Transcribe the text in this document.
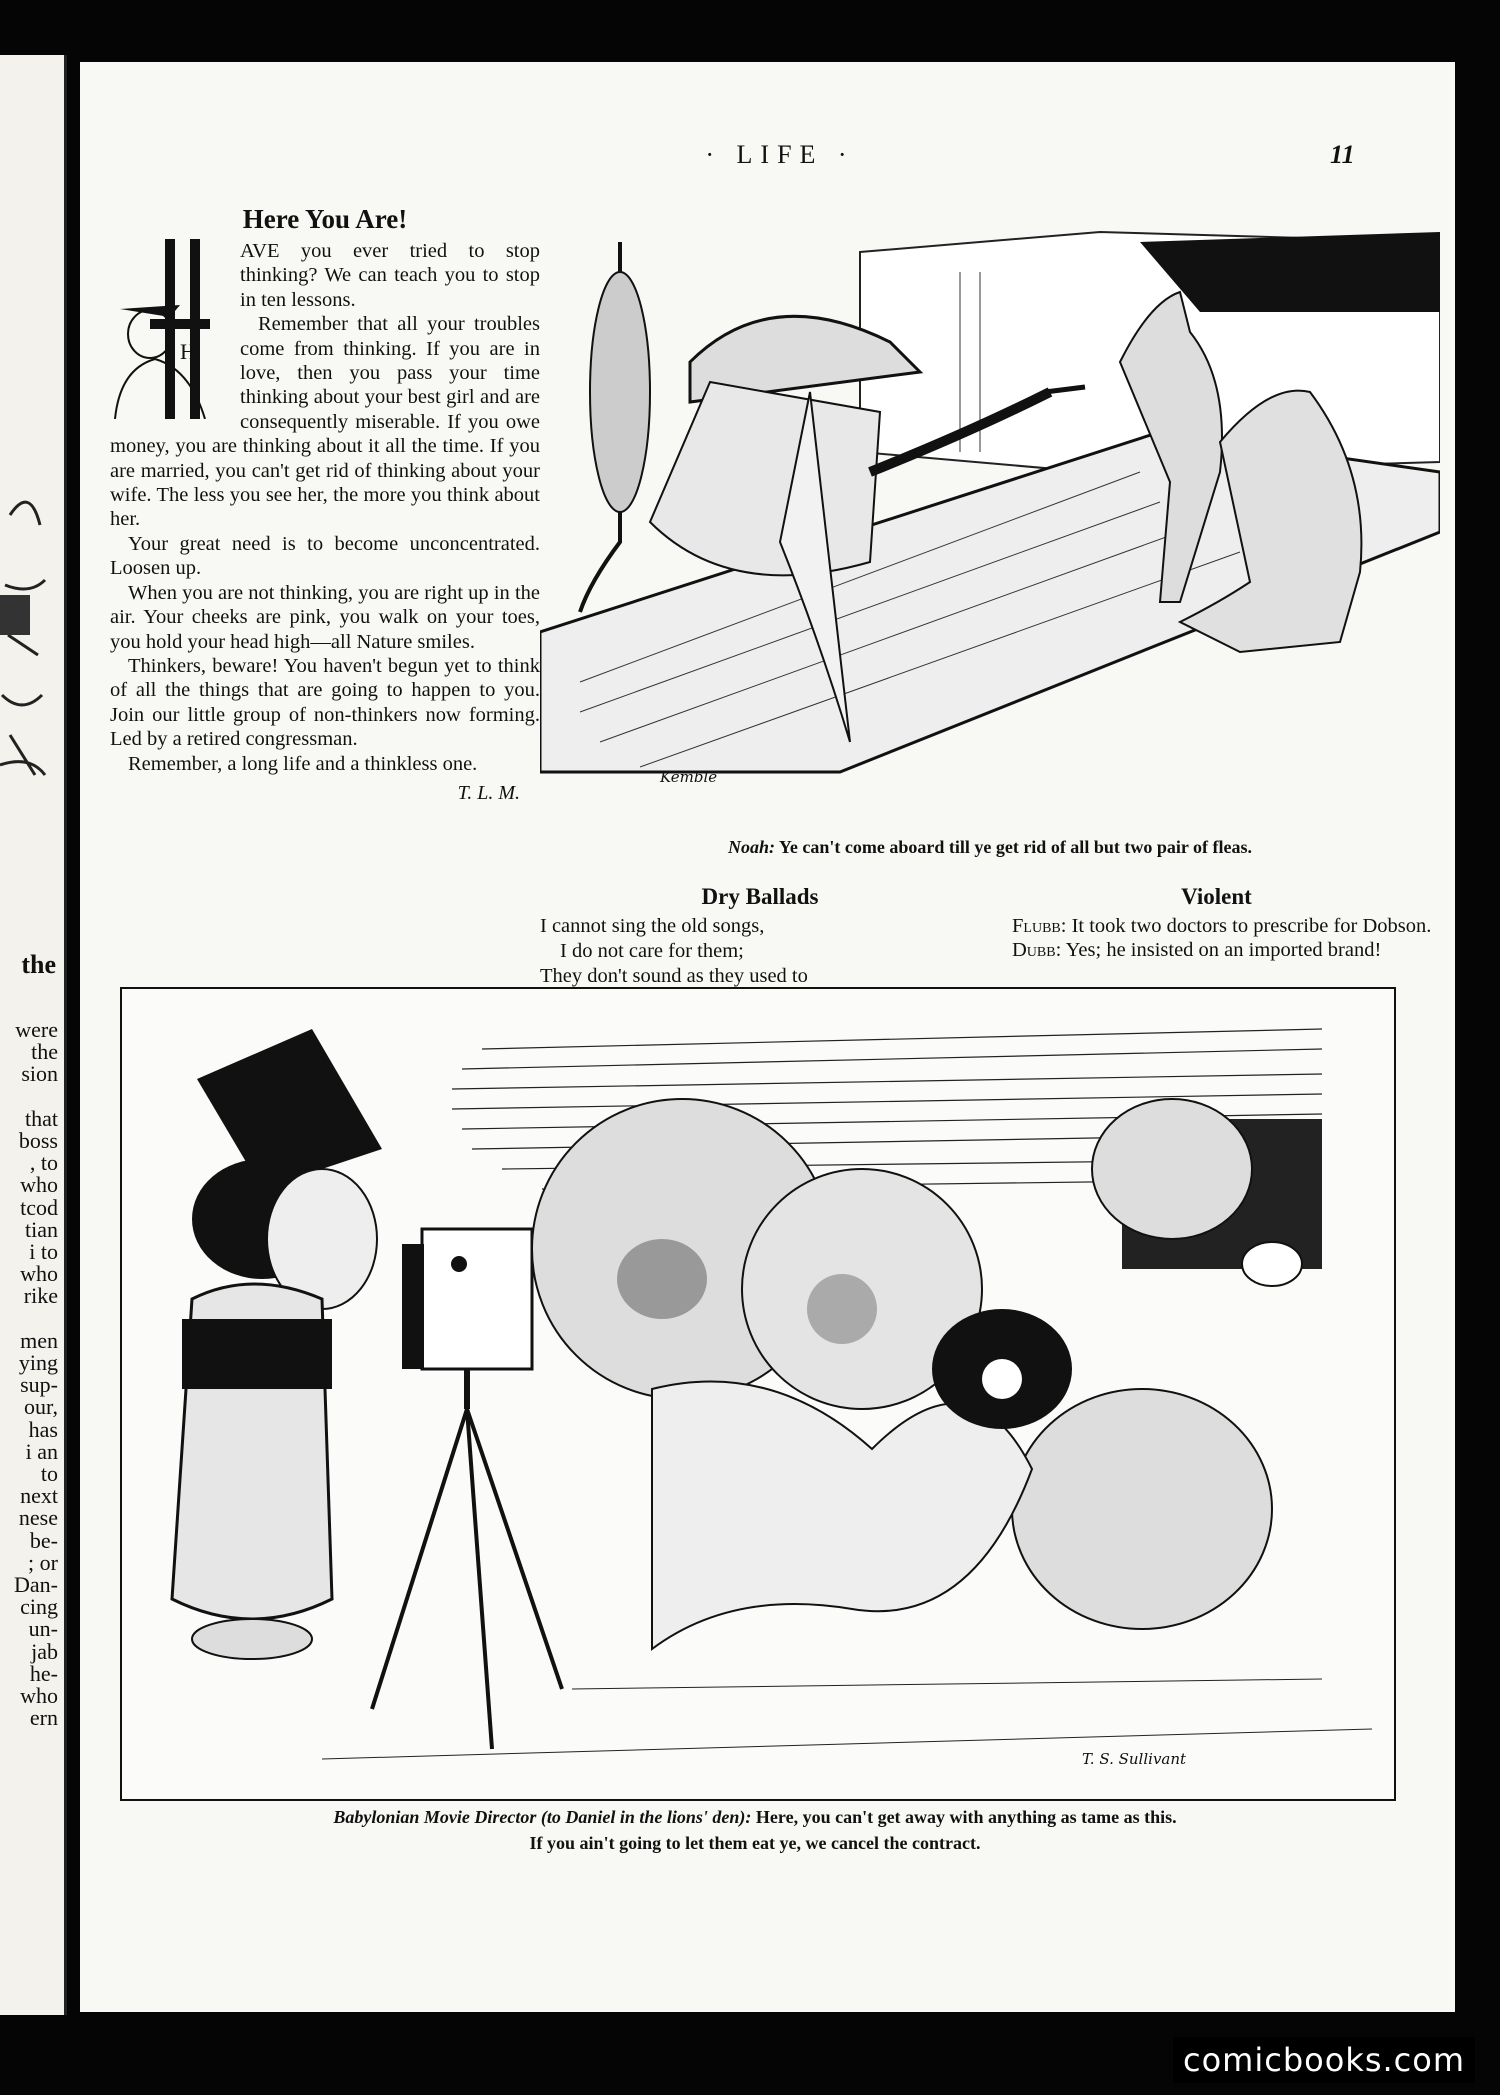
the
were
the
sion
that
boss
, to
who
tcod
tian
i to
who
rike
men
ying
sup-
our,
has
i an
to
next
nese
be-
; or
Dan-
cing
un-
jab
he-
who
ern
· LIFE ·	11
Here You Are!
H

AVE you ever tried to stop thinking? We can teach you to stop in ten lessons.

Remember that all your troubles come from thinking. If you are in love, then you pass your time thinking about your best girl and are consequently miserable. If you owe money, you are thinking about it all the time. If you are married, you can't get rid of thinking about your wife. The less you see her, the more you think about her.

Your great need is to become unconcentrated. Loosen up.

When you are not thinking, you are right up in the air. Your cheeks are pink, you walk on your toes, you hold your head high—all Nature smiles.

Thinkers, beware! You haven't begun yet to think of all the things that are going to happen to you. Join our little group of non-thinkers now forming. Led by a retired congressman.

Remember, a long life and a thinkless one.

T. L. M.
Kemble
Noah: Ye can't come aboard till ye get rid of all but two pair of fleas.
Dry Ballads
I cannot sing the old songs,
I do not care for them;
They don't sound as they used to
Violent

Flubb: It took two doctors to prescribe for Dobson.

Dubb: Yes; he insisted on an imported brand!

T. S. Sullivant
Babylonian Movie Director (to Daniel in the lions' den): Here, you can't get away with anything as tame as this.
If you ain't going to let them eat ye, we cancel the contract.
comicbooks.com
